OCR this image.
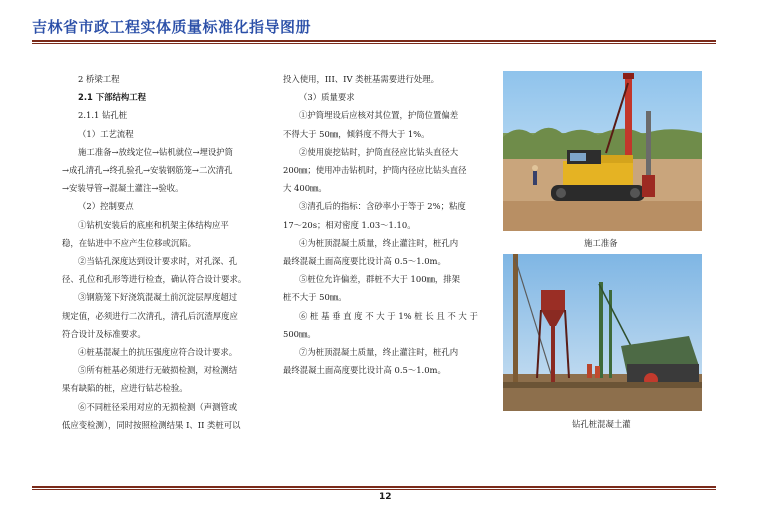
吉林省市政工程实体质量标准化指导图册

2 桥梁工程

2.1 下部结构工程

2.1.1 钻孔桩

（1）工艺流程

施工准备→放线定位→钻机就位→埋设护筒

→成孔清孔→终孔验孔→安装钢筋笼→二次清孔

→安装导管→混凝土灌注→验收。

（2）控制要点

①钻机安装后的底座和机架主体结构应平

稳，在钻进中不应产生位移或沉陷。

②当钻孔深度达到设计要求时，对孔深、孔

径、孔位和孔形等进行检查，确认符合设计要求。

③钢筋笼下好浇筑混凝土前沉淀层厚度超过

规定值，必须进行二次清孔，清孔后沉渣厚度应

符合设计及标准要求。

④桩基混凝土的抗压强度应符合设计要求。

⑤所有桩基必须进行无破损检测，对检测结

果有缺陷的桩，应进行钻芯检验。

⑥不同桩径采用对应的无损检测（声测管或

低应变检测），同时按照检测结果 I、II 类桩可以

投入使用，III、IV 类桩基需要进行处理。

（3）质量要求

①护筒埋设后应核对其位置，护筒位置偏差

不得大于 50㎜，倾斜度不得大于 1%。

②使用旋挖钻时，护筒直径应比钻头直径大

200㎜；使用冲击钻机时，护筒内径应比钻头直径

大 400㎜。

③清孔后的指标：含砂率小于等于 2%；粘度

17～20s；相对密度 1.03～1.10。

④为桩顶混凝土质量，终止灌注时，桩孔内

最终混凝土面高度要比设计高 0.5～1.0m。

⑤桩位允许偏差，群桩不大于 100㎜，排架

桩不大于 50㎜。

⑥ 桩 基 垂 直 度 不 大 于 1% 桩 长 且 不 大 于

500㎜。

⑦为桩顶混凝土质量，终止灌注时，桩孔内

最终混凝土面高度要比设计高 0.5～1.0m。

施工准备
钻孔桩混凝土灌
12
